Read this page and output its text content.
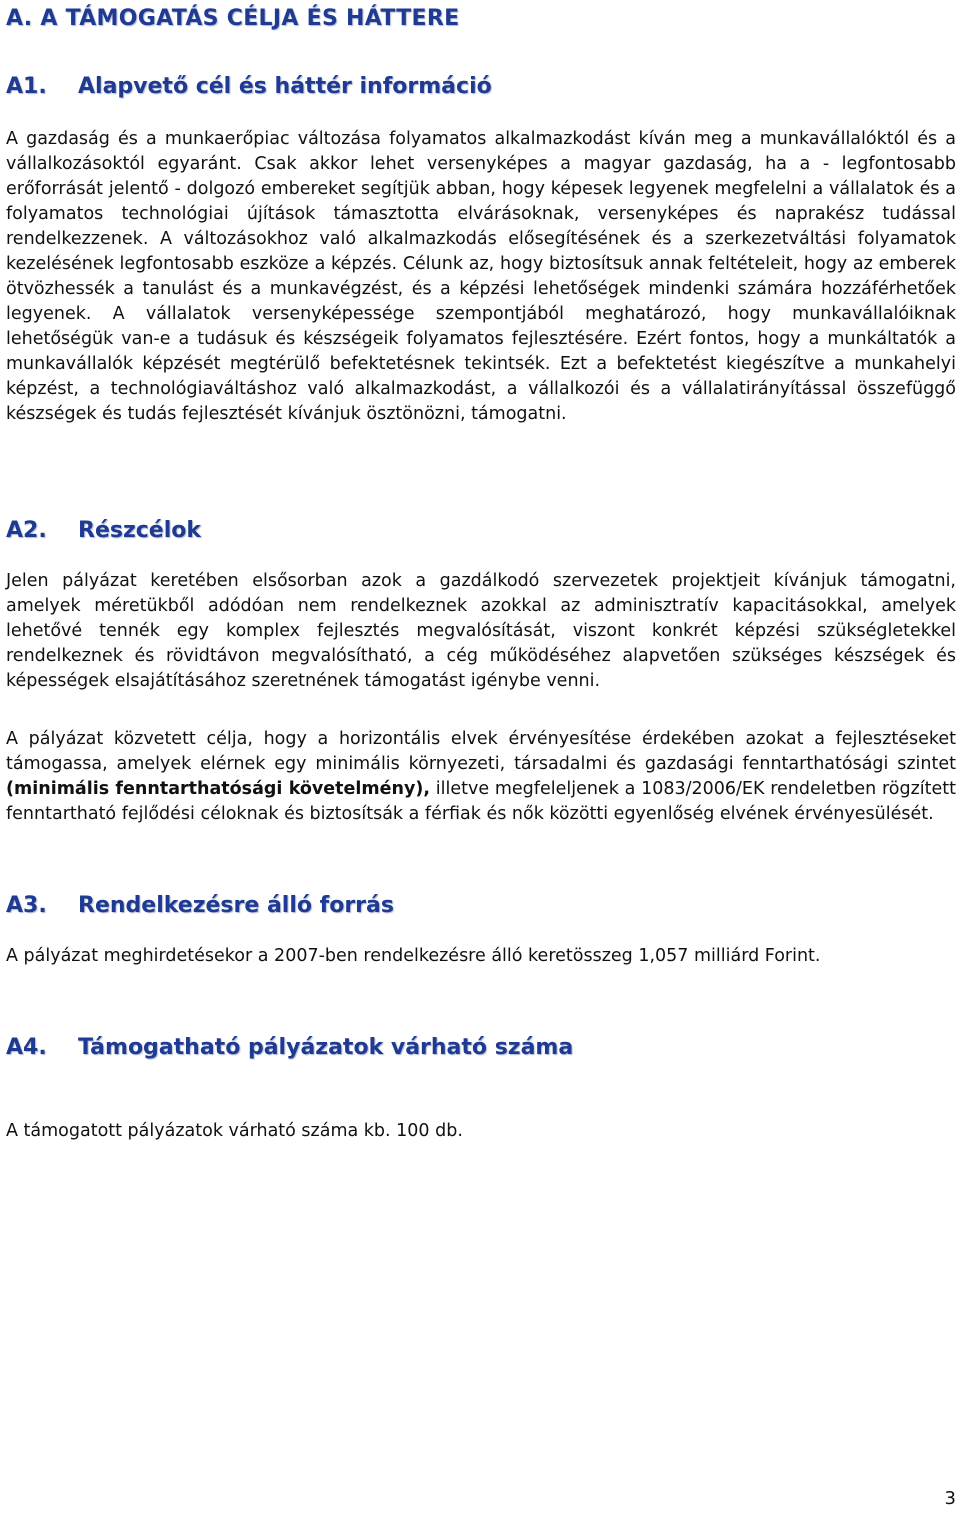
A. A TÁMOGATÁS CÉLJA ÉS HÁTTERE
A1. Alapvető cél és háttér információ

A gazdaság és a munkaerőpiac változása folyamatos alkalmazkodást kíván meg a munkavállalóktól és a vállalkozásoktól egyaránt. Csak akkor lehet versenyképes a magyar gazdaság, ha a - legfontosabb erőforrását jelentő - dolgozó embereket segítjük abban, hogy képesek legyenek megfelelni a vállalatok és a folyamatos technológiai újítások támasztotta elvárásoknak, versenyképes és naprakész tudással rendelkezzenek. A változásokhoz való alkalmazkodás elősegítésének és a szerkezetváltási folyamatok kezelésének legfontosabb eszköze a képzés. Célunk az, hogy biztosítsuk annak feltételeit, hogy az emberek ötvözhessék a tanulást és a munkavégzést, és a képzési lehetőségek mindenki számára hozzáférhetőek legyenek. A vállalatok versenyképessége szempontjából meghatározó, hogy munkavállalóiknak lehetőségük van-e a tudásuk és készségeik folyamatos fejlesztésére. Ezért fontos, hogy a munkáltatók a munkavállalók képzését megtérülő befektetésnek tekintsék. Ezt a befektetést kiegészítve a munkahelyi képzést, a technológiaváltáshoz való alkalmazkodást, a vállalkozói és a vállalatirányítással összefüggő készségek és tudás fejlesztését kívánjuk ösztönözni, támogatni.

A2. Részcélok

Jelen pályázat keretében elsősorban azok a gazdálkodó szervezetek projektjeit kívánjuk támogatni, amelyek méretükből adódóan nem rendelkeznek azokkal az adminisztratív kapacitásokkal, amelyek lehetővé tennék egy komplex fejlesztés megvalósítását, viszont konkrét képzési szükségletekkel rendelkeznek és rövidtávon megvalósítható, a cég működéséhez alapvetően szükséges készségek és képességek elsajátításához szeretnének támogatást igénybe venni.

A pályázat közvetett célja, hogy a horizontális elvek érvényesítése érdekében azokat a fejlesztéseket támogassa, amelyek elérnek egy minimális környezeti, társadalmi és gazdasági fenntarthatósági szintet (minimális fenntarthatósági követelmény), illetve megfeleljenek a 1083/2006/EK rendeletben rögzített fenntartható fejlődési céloknak és biztosítsák a férfiak és nők közötti egyenlőség elvének érvényesülését.

A3. Rendelkezésre álló forrás

A pályázat meghirdetésekor a 2007-ben rendelkezésre álló keretösszeg 1,057 milliárd Forint.

A4. Támogatható pályázatok várható száma

A támogatott pályázatok várható száma kb. 100 db.

3
